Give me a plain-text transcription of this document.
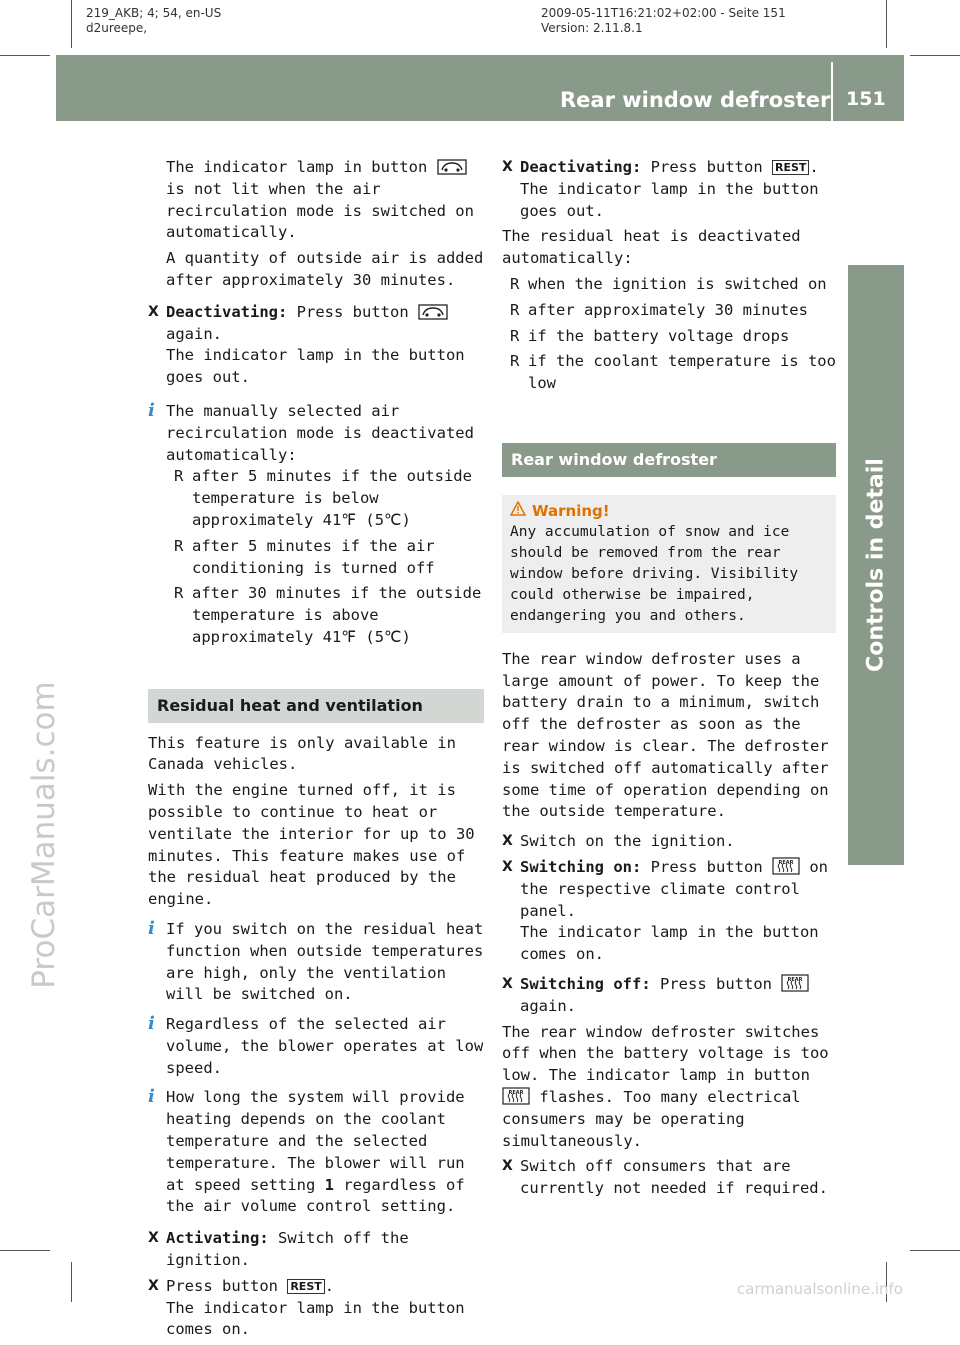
219_AKB; 4; 54, en-US
d2ureepe,
2009-05-11T16:21:02+02:00 - Seite 151
Version: 2.11.8.1
Rear window defroster 151
Controls in detail
ProCarManuals.com
carmanualsonline.info
The indicator lamp in button  is not lit when the air recirculation mode is switched on automatically.
A quantity of outside air is added after approximately 30 minutes.
X Deactivating: Press button  again.
The indicator lamp in the button goes out.
i The manually selected air recirculation mode is deactivated automatically:
R after 5 minutes if the outside temperature is below approximately 41℉ (5℃)
R after 5 minutes if the air conditioning is turned off
R after 30 minutes if the outside temperature is above approximately 41℉ (5℃)
Residual heat and ventilation
This feature is only available in Canada vehicles.
With the engine turned off, it is possible to continue to heat or ventilate the interior for up to 30 minutes. This feature makes use of the residual heat produced by the engine.
i If you switch on the residual heat function when outside temperatures are high, only the ventilation will be switched on.
i Regardless of the selected air volume, the blower operates at low speed.
i How long the system will provide heating depends on the coolant temperature and the selected temperature. The blower will run at speed setting 1 regardless of the air volume control setting.
X Activating: Switch off the ignition.
X Press button REST .
The indicator lamp in the button comes on.
X Deactivating: Press button REST .
The indicator lamp in the button goes out.
The residual heat is deactivated automatically:
R when the ignition is switched on
R after approximately 30 minutes
R if the battery voltage drops
R if the coolant temperature is too low
Rear window defroster
Warning!
Any accumulation of snow and ice should be removed from the rear window before driving. Visibility could otherwise be impaired, endangering you and others.
The rear window defroster uses a large amount of power. To keep the battery drain to a minimum, switch off the defroster as soon as the rear window is clear. The defroster is switched off automatically after some time of operation depending on the outside temperature.
X Switch on the ignition.
X Switching on: Press button	REAR on the respective climate control panel.
The indicator lamp in the button comes on.
X Switching off: Press button	REAR
again.
The rear window defroster switches off when the battery voltage is too low. The indicator lamp in button
REAR flashes. Too many electrical consumers may be operating simultaneously.
X Switch off consumers that are currently not needed if required.
